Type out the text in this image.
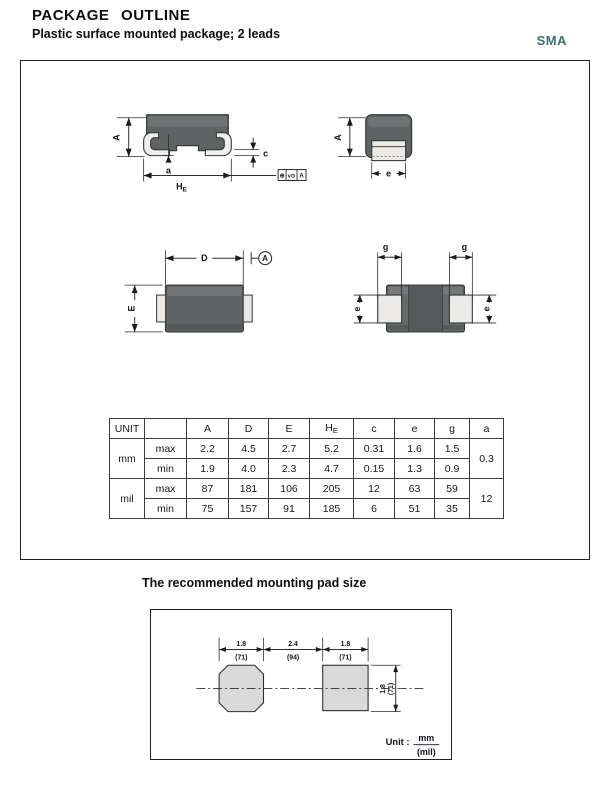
PACKAGE OUTLINE
Plastic surface mounted package; 2 leads	SMA
A
a
c
$H_E$
⊕ v⊙ A
A
e
D	A
E
g	g
e	e
UNIT		A	D	E	$H_E$	c	e	g	a
mm	max	2.2	4.5	2.7	5.2	0.31	1.6	1.5	0.3
	min	1.9	4.0	2.3	4.7	0.15	1.3	0.9	
mil	max	87	181	106	205	12	63	59	12
	min	75	157	91	185	6	51	35	
The recommended mounting pad size
1.8
(71)
2.4
(94)
1.8
(71)
1.8 (71)
Unit : mm
(mil)
